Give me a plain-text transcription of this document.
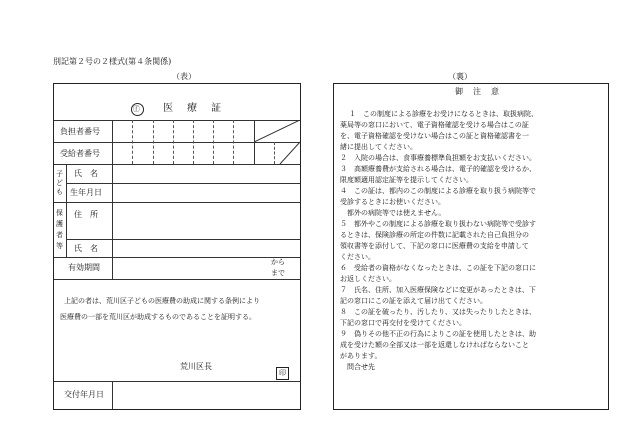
別記第２号の２様式(第４条関係)
（表）	（裏）
ⓕ 医　療　証
負担者番号
受給者番号
子ども
氏　名
生年月日
保護者等
住　所
氏　名
有効期間
から
まで
上記の者は、荒川区子どもの医療費の助成に関する条例により
医療費の一部を荒川区が助成するものであることを証明する。
荒川区長
印
交付年月日
御　注　意
１　この制度による診療をお受けになるときは、取扱病院、
薬局等の窓口において、電子資格確認を受ける場合はこの証
を、電子資格確認を受けない場合はこの証と資格確認書を一
緒に提出してください。
２　入院の場合は、食事療養標準負担額をお支払いください。
３　高額療養費が支給される場合は、電子的確認を受けるか、
限度額適用認定証等を提示してください。
４　この証は、都内のこの制度による診療を取り扱う病院等で
受診するときにお使いください。
　都外の病院等では使えません。
５　都外やこの制度による診療を取り扱わない病院等で受診す
るときは、保険診療の所定の件数に記載された自己負担分の
領収書等を添付して、下記の窓口に医療費の支給を申請して
ください。
６　受給者の資格がなくなったときは、この証を下記の窓口に
お返しください。
７　氏名、住所、加入医療保険などに変更があったときは、下
記の窓口にこの証を添えて届け出てください。
８　この証を破ったり、汚したり、又は失ったりしたときは、
下記の窓口で再交付を受けてください。
９　偽りその他不正の行為によりこの証を使用したときは、助
成を受けた額の全部又は一部を返還しなければならないこと
があります。
　問合せ先
